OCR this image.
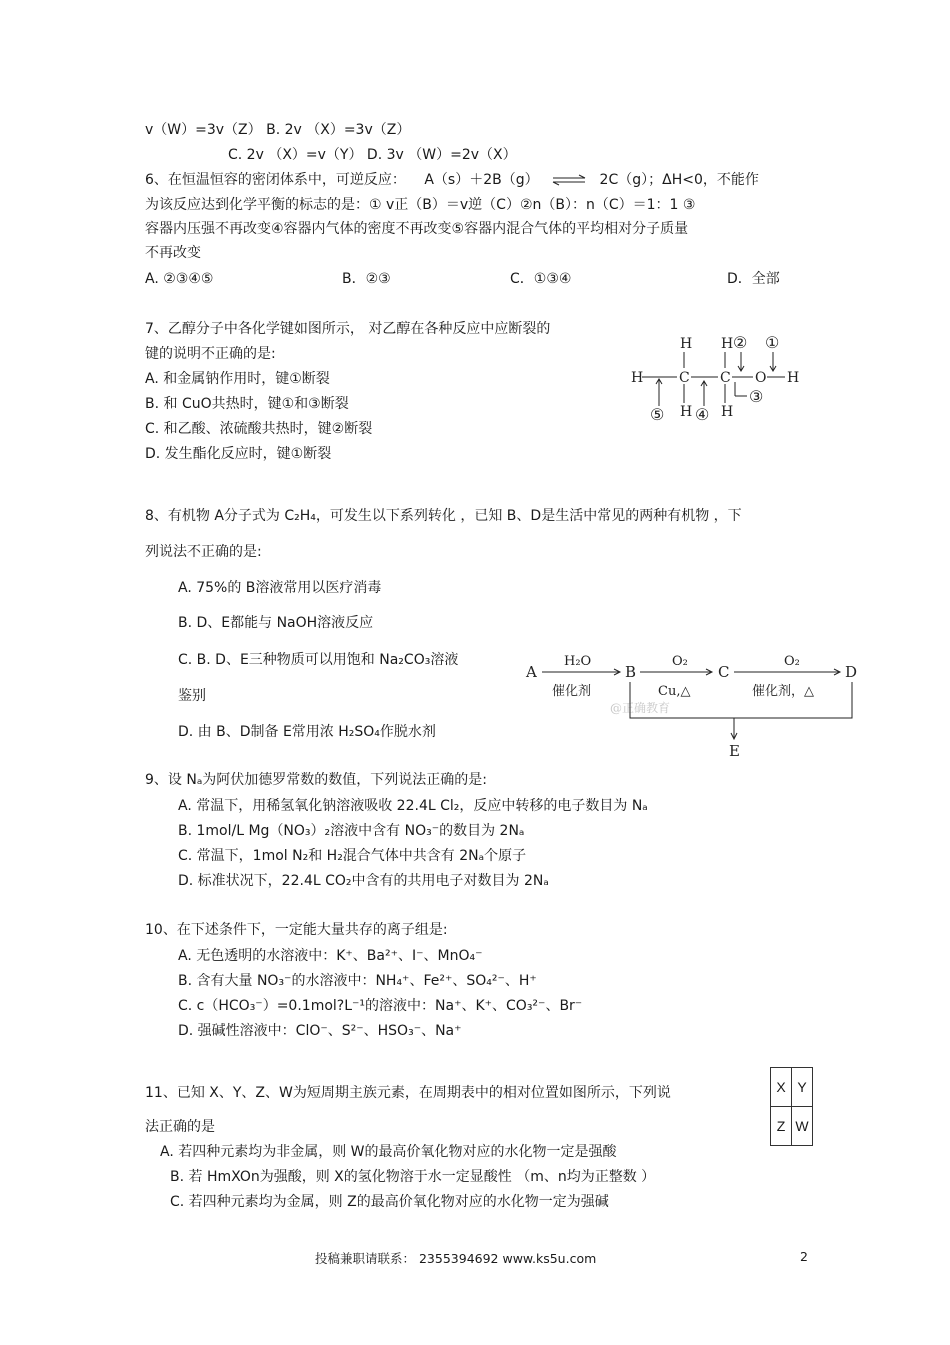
v（W）=3v（Z） B. 2v （X）=3v（Z）
C. 2v （X）=v（Y） D. 3v （W）=2v（X）
6、在恒温恒容的密闭体系中，可逆反应： A（s）＋2B（g） ⇌ 2C（g）；ΔH<0，不能作
为该反应达到化学平衡的标志的是：① v正（B）＝v逆（C）②n（B）：n（C）＝1：1 ③
容器内压强不再改变④容器内气体的密度不再改变⑤容器内混合气体的平均相对分子质量
不再改变
A. ②③④⑤	B．②③	C．①③④	D．全部
7、乙醇分子中各化学键如图所示， 对乙醇在各种反应中应断裂的
键的说明不正确的是:
A. 和金属钠作用时，键①断裂
B. 和 CuO共热时，键①和③断裂
C. 和乙酸、浓硫酸共热时，键②断裂
D. 发生酯化反应时，键①断裂
H H
H	C C O H
H H
② ①
③
④
⑤
8、有机物 A分子式为 C₂H₄，可发生以下系列转化 ，已知 B、D是生活中常见的两种有机物 ，下
列说法不正确的是:
A. 75%的 B溶液常用以医疗消毒
B. D、E都能与 NaOH溶液反应
C. B. D、E三种物质可以用饱和 Na₂CO₃溶液
鉴别
D. 由 B、D制备 E常用浓 H₂SO₄作脱水剂
A	B	C	D
E
H₂O
催化剂
O₂
Cu,△
O₂
催化剂，△
@正确教育
9、设 Nₐ为阿伏加德罗常数的数值，下列说法正确的是:
A. 常温下，用稀氢氧化钠溶液吸收 22.4L Cl₂，反应中转移的电子数目为 Nₐ
B. 1mol/L Mg（NO₃）₂溶液中含有 NO₃⁻的数目为 2Nₐ
C. 常温下，1mol N₂和 H₂混合气体中共含有 2Nₐ个原子
D. 标准状况下，22.4L CO₂中含有的共用电子对数目为 2Nₐ
10、在下述条件下，一定能大量共存的离子组是:
A. 无色透明的水溶液中：K⁺、Ba²⁺、I⁻、MnO₄⁻
B. 含有大量 NO₃⁻的水溶液中：NH₄⁺、Fe²⁺、SO₄²⁻、H⁺
C. c（HCO₃⁻）=0.1mol?L⁻¹的溶液中：Na⁺、K⁺、CO₃²⁻、Br⁻
D. 强碱性溶液中：ClO⁻、S²⁻、HSO₃⁻、Na⁺
11、已知 X、Y、Z、W为短周期主族元素，在周期表中的相对位置如图所示，下列说
法正确的是
A. 若四种元素均为非金属，则 W的最高价氧化物对应的水化物一定是强酸
B. 若 HmXOn为强酸，则 X的氢化物溶于水一定显酸性 （m、n均为正整数 ）
C. 若四种元素均为金属，则 Z的最高价氧化物对应的水化物一定为强碱
X	Y
Z	W
投稿兼职请联系： 2355394692 www.ks5u.com	2
